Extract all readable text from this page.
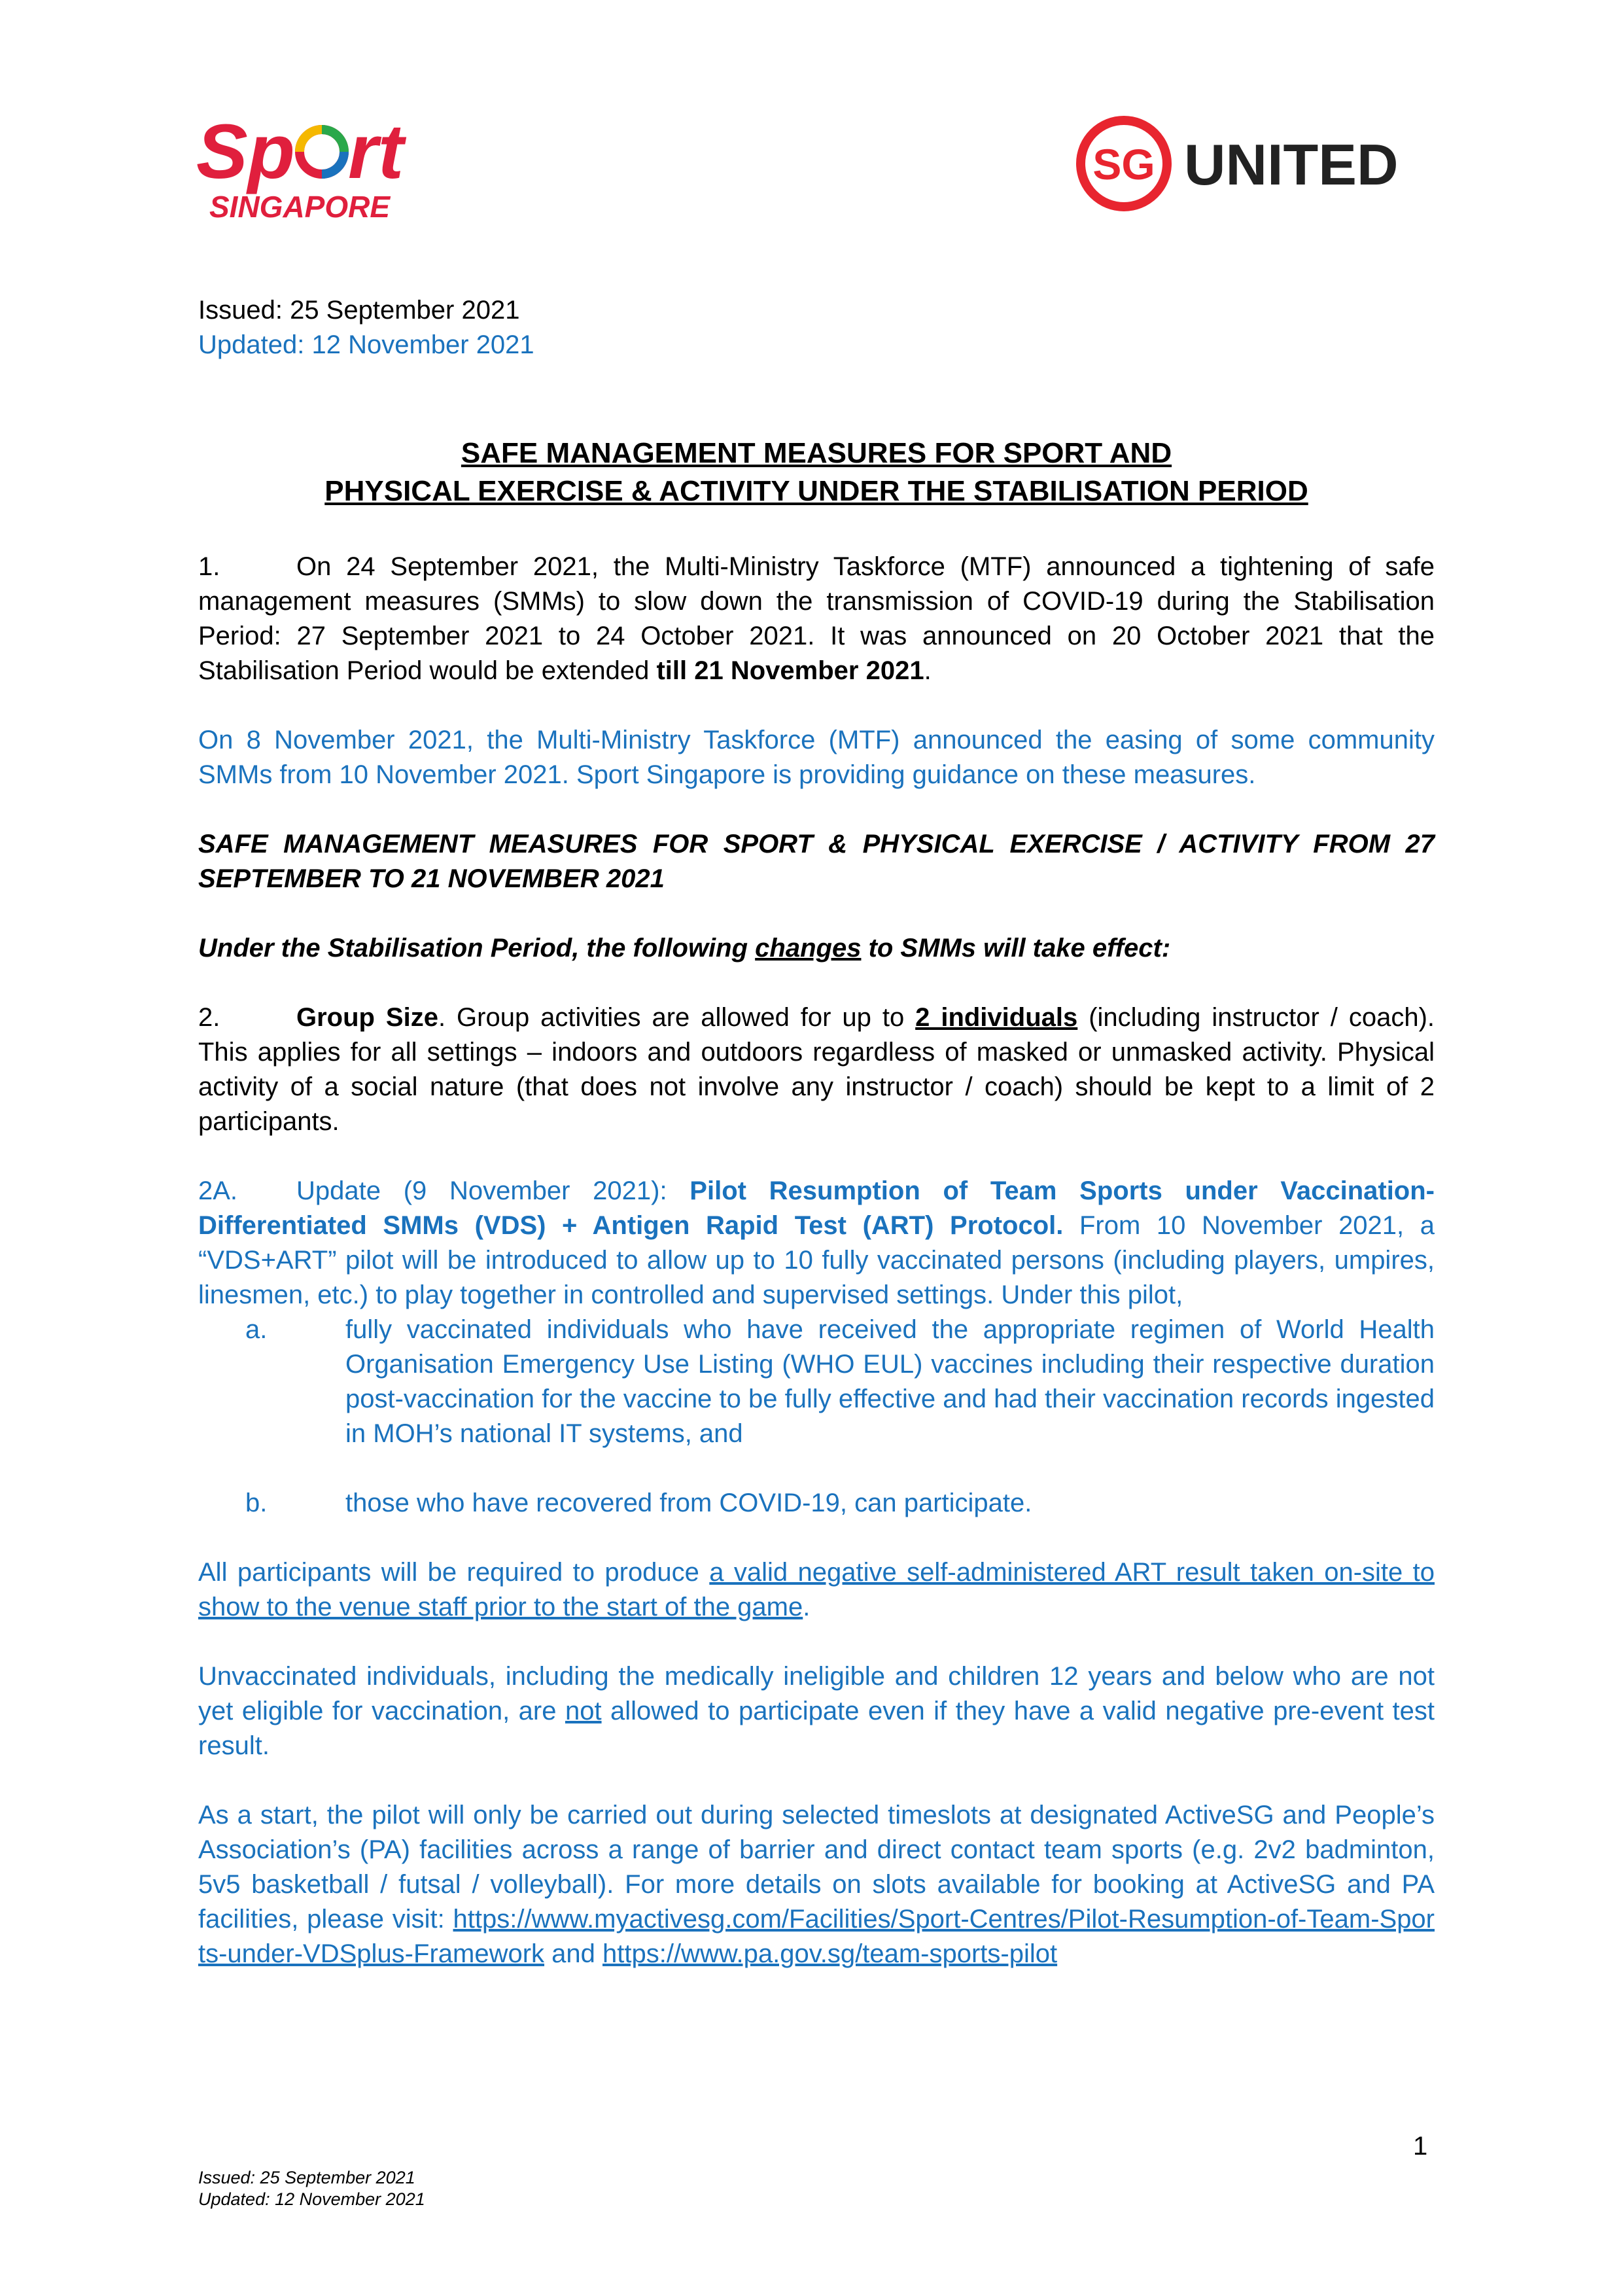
Sp rt
SINGAPORE
SG UNITED

Issued: 25 September 2021

Updated: 12 November 2021

SAFE MANAGEMENT MEASURES FOR SPORT AND

PHYSICAL EXERCISE & ACTIVITY UNDER THE STABILISATION PERIOD

1.	On 24 September 2021, the Multi-Ministry Taskforce (MTF) announced a tightening of safe management measures (SMMs) to slow down the transmission of COVID-19 during the Stabilisation Period: 27 September 2021 to 24 October 2021. It was announced on 20 October 2021 that the Stabilisation Period would be extended till 21 November 2021.

On 8 November 2021, the Multi-Ministry Taskforce (MTF) announced the easing of some community SMMs from 10 November 2021. Sport Singapore is providing guidance on these measures.

SAFE MANAGEMENT MEASURES FOR SPORT & PHYSICAL EXERCISE / ACTIVITY FROM 27 SEPTEMBER TO 21 NOVEMBER 2021

Under the Stabilisation Period, the following changes to SMMs will take effect:

2.	Group Size. Group activities are allowed for up to 2 individuals (including instructor / coach). This applies for all settings – indoors and outdoors regardless of masked or unmasked activity. Physical activity of a social nature (that does not involve any instructor / coach) should be kept to a limit of 2 participants.

2A. Update (9 November 2021): Pilot Resumption of Team Sports under Vaccination-Differentiated SMMs (VDS) + Antigen Rapid Test (ART) Protocol. From 10 November 2021, a “VDS+ART” pilot will be introduced to allow up to 10 fully vaccinated persons (including players, umpires, linesmen, etc.) to play together in controlled and supervised settings. Under this pilot,

a.	fully vaccinated individuals who have received the appropriate regimen of World Health Organisation Emergency Use Listing (WHO EUL) vaccines including their respective duration post-vaccination for the vaccine to be fully effective and had their vaccination records ingested in MOH’s national IT systems, and

b.	those who have recovered from COVID-19, can participate.

All participants will be required to produce a valid negative self-administered ART result taken on-site to show to the venue staff prior to the start of the game.

Unvaccinated individuals, including the medically ineligible and children 12 years and below who are not yet eligible for vaccination, are not allowed to participate even if they have a valid negative pre-event test result.

As a start, the pilot will only be carried out during selected timeslots at designated ActiveSG and People’s Association’s (PA) facilities across a range of barrier and direct contact team sports (e.g. 2v2 badminton, 5v5 basketball / futsal / volleyball). For more details on slots available for booking at ActiveSG and PA facilities, please visit: https://www.myactivesg.com/Facilities/Sport-Centres/Pilot-Resumption-of-Team-Sports-under-VDSplus-Framework and https://www.pa.gov.sg/team-sports-pilot

1
Issued: 25 September 2021
Updated: 12 November 2021
